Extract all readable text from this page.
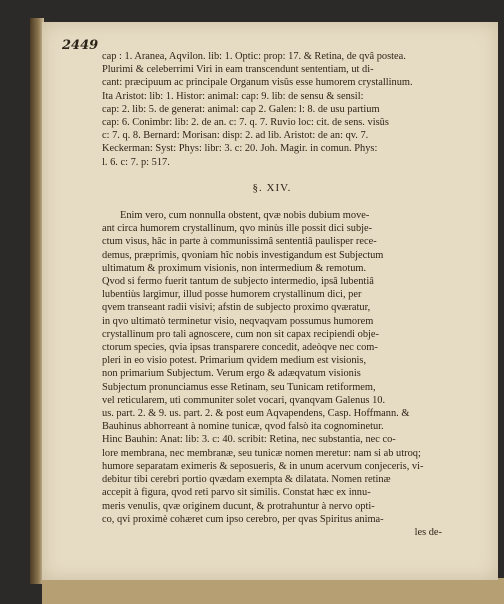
2449
cap : 1. Aranea, Aqvilon. lib: 1. Optic: prop: 17. & Retina, de qvâ postea.
Plurimi & celeberrimi Viri in eam transcendunt sententiam, ut di-
cant: præcipuum ac principale Organum visûs esse humorem crystallinum.
Ita Aristot: lib: 1. Histor: animal: cap: 9. lib: de sensu & sensil:
cap: 2. lib: 5. de generat: animal: cap 2. Galen: l: 8. de usu partium
cap: 6. Conimbr: lib: 2. de an. c: 7. q. 7. Ruvio loc: cit. de sens. visûs
c: 7. q. 8. Bernard: Morisan: disp: 2. ad lib. Aristot: de an: qv. 7.
Keckerman: Syst: Phys: libr: 3. c: 20. Joh. Magir. in comun. Phys:
l. 6. c: 7. p: 517.
§. XIV.
Enim vero, cum nonnulla obstent, qvæ nobis dubium move-
ant circa humorem crystallinum, qvo minùs ille possit dici subje-
ctum visus, hâc in parte à communissimâ sententiâ paulisper rece-
demus, præprimis, qvoniam hîc nobis investigandum est Subjectum
ultimatum & proximum visionis, non intermedium & remotum.
Qvod si fermo fuerit tantum de subjecto intermedio, ipsâ lubentiâ
lubentiùs largimur, illud posse humorem crystallinum dici, per
qvem transeant radii visivi; afstin de subjecto proximo qværatur,
in qvo ultimatò terminetur visio, neqvaqvam possumus humorem
crystallinum pro tali agnoscere, cum non sit capax recipiendi obje-
ctorum species, qvia ipsas transparere concedit, adeòqve nec com-
pleri in eo visio potest. Primarium qvidem medium est visionis,
non primarium Subjectum. Verum ergo & adæqvatum visionis
Subjectum pronunciamus esse Retinam, seu Tunicam retiformem,
vel reticularem, uti communiter solet vocari, qvanqvam Galenus 10.
us. part. 2. & 9. us. part. 2. & post eum Aqvapendens, Casp. Hoffmann. &
Bauhinus abhorreant à nomine tunicæ, qvod falsò ita cognominetur.
Hinc Bauhin: Anat: lib: 3. c: 40. scribit: Retina, nec substantia, nec co-
lore membrana, nec membranæ, seu tunicæ nomen meretur: nam si ab utroq;
humore separatam eximeris & seposueris, & in unum acervum conjeceris, vi-
debitur tibi cerebri portio qvædam exempta & dilatata. Nomen retinæ
accepit à figura, qvod reti parvo sit similis. Constat hæc ex innu-
meris venulis, qvæ originem ducunt, & protrahuntur à nervo opti-
co, qvi proximè cohæret cum ipso cerebro, per qvas Spiritus anima-
les de-
